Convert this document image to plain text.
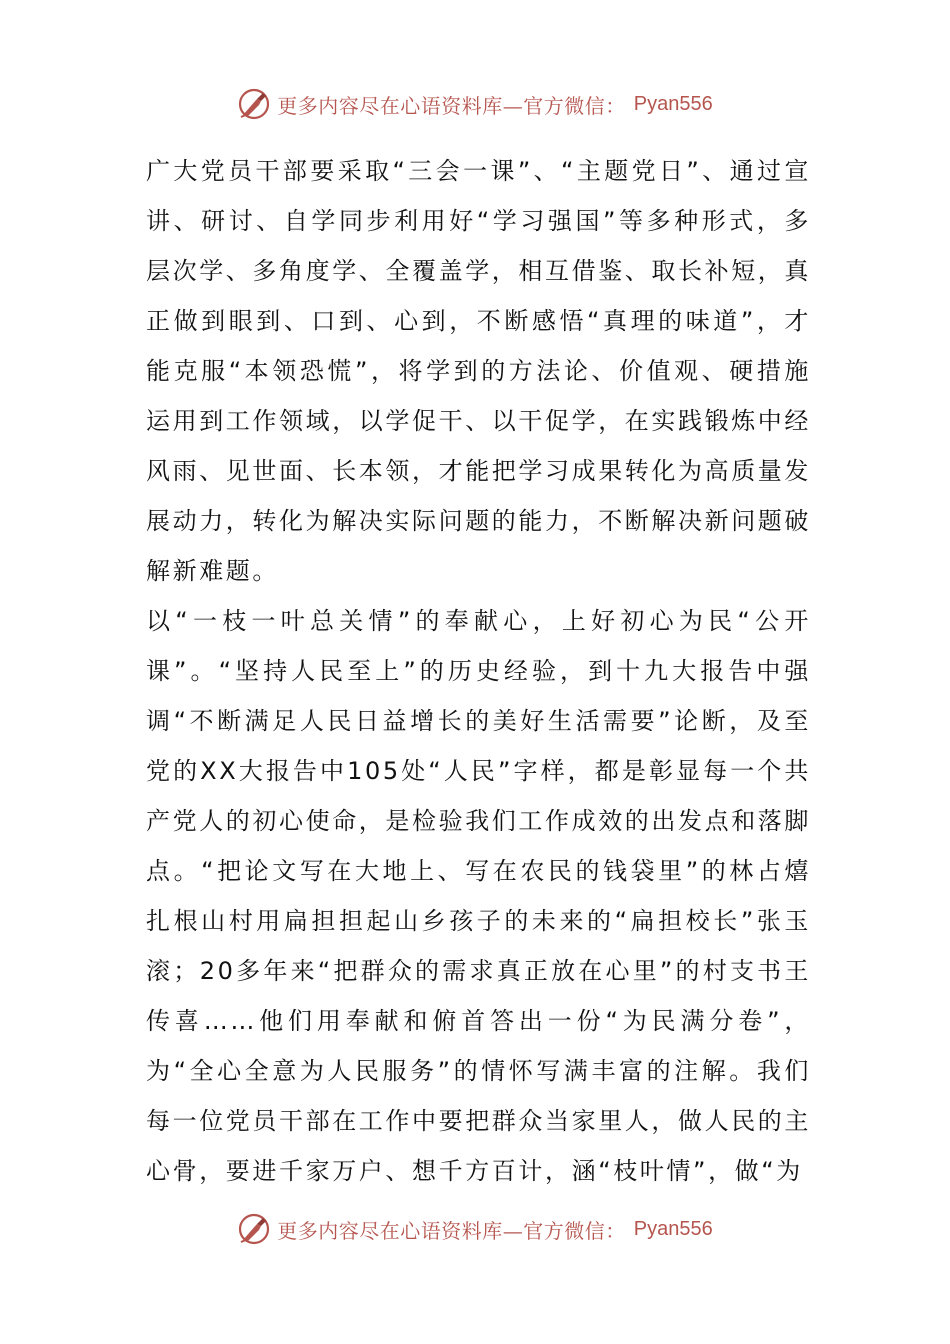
更多内容尽在心语资料库—官方微信： Pyan556

广大党员干部要采取“三会一课”、“主题党日”、通过宣讲、研讨、自学同步利用好“学习强国”等多种形式，多层次学、多角度学、全覆盖学，相互借鉴、取长补短，真正做到眼到、口到、心到，不断感悟“真理的味道”，才能克服“本领恐慌”，将学到的方法论、价值观、硬措施运用到工作领域，以学促干、以干促学，在实践锻炼中经风雨、见世面、长本领，才能把学习成果转化为高质量发展动力，转化为解决实际问题的能力，不断解决新问题破解新难题。

以“一枝一叶总关情”的奉献心，上好初心为民“公开课”。“坚持人民至上”的历史经验，到十九大报告中强调“不断满足人民日益增长的美好生活需要”论断，及至党的XX大报告中105处“人民”字样，都是彰显每一个共产党人的初心使命，是检验我们工作成效的出发点和落脚点。“把论文写在大地上、写在农民的钱袋里”的林占熺扎根山村用扁担担起山乡孩子的未来的“扁担校长”张玉滚；20多年来“把群众的需求真正放在心里”的村支书王传喜……他们用奉献和俯首答出一份“为民满分卷”，为“全心全意为人民服务”的情怀写满丰富的注解。我们每一位党员干部在工作中要把群众当家里人，做人民的主心骨，要进千家万户、想千方百计，涵“枝叶情”，做“为

更多内容尽在心语资料库—官方微信： Pyan556
